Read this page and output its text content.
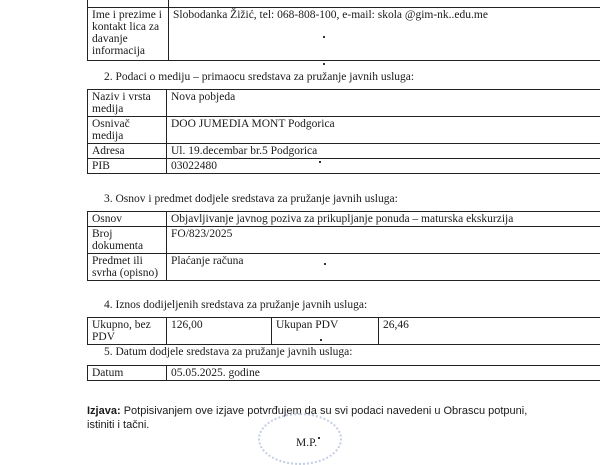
Ime i prezime i kontakt lica za davanje informacija	Slobodanka Žižić, tel: 068-808-100, e-mail: skola @gim-nk..edu.me
2. Podaci o mediju – primaocu sredstava za pružanje javnih usluga:
Naziv i vrsta medija	Nova pobjeda
Osnivač medija	DOO JUMEDIA MONT Podgorica
Adresa	Ul. 19.decembar br.5 Podgorica
PIB	03022480
3. Osnov i predmet dodjele sredstava za pružanje javnih usluga:
Osnov	Objavljivanje javnog poziva za prikupljanje ponuda – maturska ekskurzija
Broj dokumenta	FO/823/2025
Predmet ili svrha (opisno)	Plaćanje računa
4. Iznos dodijeljenih sredstava za pružanje javnih usluga:
Ukupno, bez PDV	126,00	Ukupan PDV	26,46
5. Datum dodjele sredstava za pružanje javnih usluga:
Datum	05.05.2025. godine
Izjava: Potpisivanjem ove izjave potvrđujem da su svi podaci navedeni u Obrascu potpuni, istiniti i tačni.
M.P.
